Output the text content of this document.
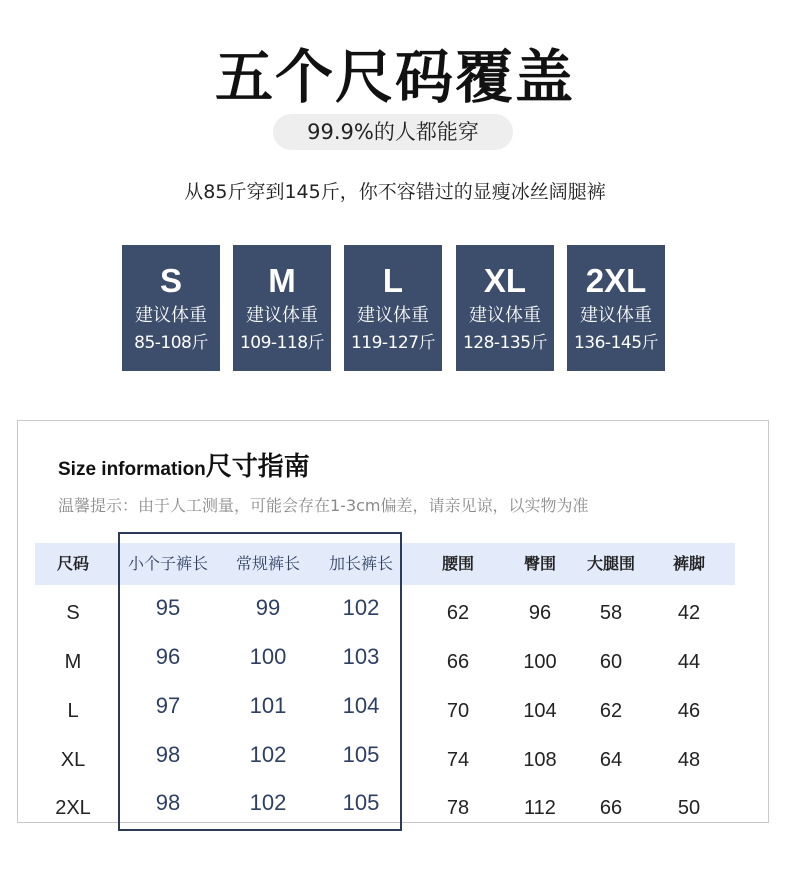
五个尺码覆盖
99.9%的人都能穿
从85斤穿到145斤，你不容错过的显瘦冰丝阔腿裤
S
建议体重
85-108斤
M
建议体重
109-118斤
L
建议体重
119-127斤
XL
建议体重
128-135斤
2XL
建议体重
136-145斤
Size information尺寸指南
温馨提示：由于人工测量，可能会存在1-3cm偏差，请亲见谅，以实物为准
尺码	小个子裤长	常规裤长	加长裤长	腰围	臀围	大腿围	裤脚
S	95	99	102	62	96	58	42
M	96	100	103	66	100	60	44
L	97	101	104	70	104	62	46
XL	98	102	105	74	108	64	48
2XL	98	102	105	78	112	66	50
